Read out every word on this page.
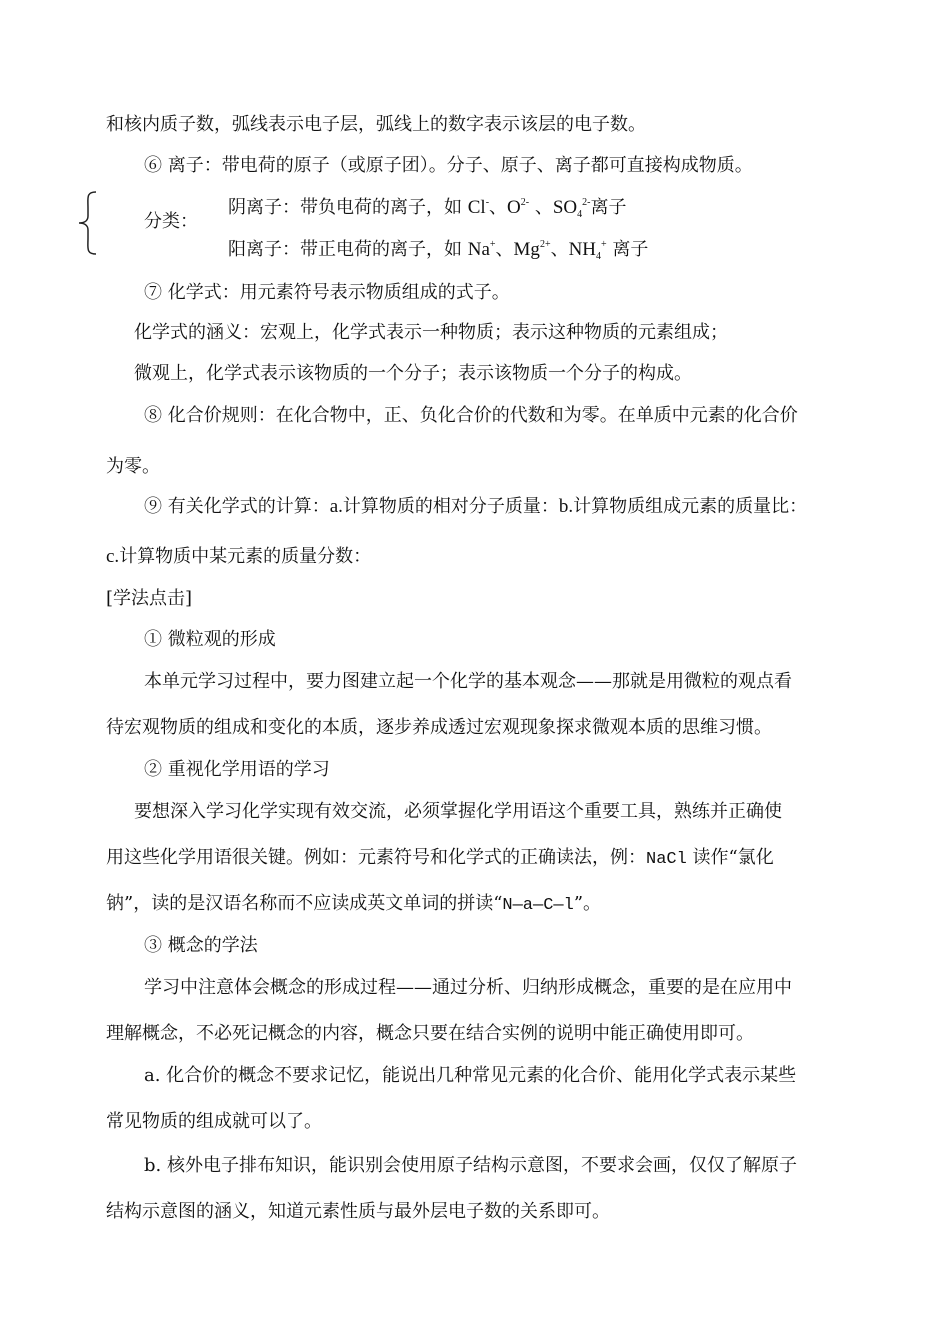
和核内质子数，弧线表示电子层，弧线上的数字表示该层的电子数。
⑥ 离子：带电荷的原子（或原子团）。分子、原子、离子都可直接构成物质。
分类：
阴离子：带负电荷的离子，如 Cl-、$O^{2-}$ 、$SO_4^{2-}$离子
阳离子：带正电荷的离子，如 Na+、$Mg^{2+}$、$NH_4^+$ 离子
⑦ 化学式：用元素符号表示物质组成的式子。
化学式的涵义：宏观上，化学式表示一种物质；表示这种物质的元素组成；
微观上，化学式表示该物质的一个分子；表示该物质一个分子的构成。
⑧ 化合价规则：在化合物中，正、负化合价的代数和为零。在单质中元素的化合价
为零。
⑨ 有关化学式的计算：a.计算物质的相对分子质量：b.计算物质组成元素的质量比：
c.计算物质中某元素的质量分数：
[学法点击]
① 微粒观的形成
本单元学习过程中，要力图建立起一个化学的基本观念——那就是用微粒的观点看
待宏观物质的组成和变化的本质，逐步养成透过宏观现象探求微观本质的思维习惯。
② 重视化学用语的学习
要想深入学习化学实现有效交流，必须掌握化学用语这个重要工具，熟练并正确使
用这些化学用语很关键。例如：元素符号和化学式的正确读法，例：NaCl 读作“氯化
钠”，读的是汉语名称而不应读成英文单词的拼读“N—a—C—l”。
③ 概念的学法
学习中注意体会概念的形成过程——通过分析、归纳形成概念，重要的是在应用中
理解概念，不必死记概念的内容，概念只要在结合实例的说明中能正确使用即可。
a. 化合价的概念不要求记忆，能说出几种常见元素的化合价、能用化学式表示某些
常见物质的组成就可以了。
b. 核外电子排布知识，能识别会使用原子结构示意图，不要求会画，仅仅了解原子
结构示意图的涵义，知道元素性质与最外层电子数的关系即可。
